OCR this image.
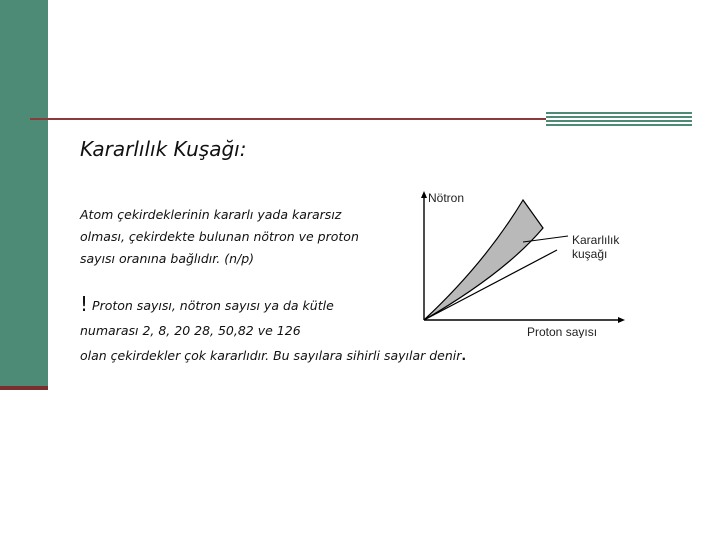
Kararlılık Kuşağı:
Atom çekirdeklerinin kararlı yada kararsız
olması, çekirdekte bulunan nötron ve proton
sayısı oranına bağlıdır. (n/p)
! Proton sayısı, nötron sayısı ya da kütle
numarası 2, 8, 20 28, 50,82 ve 126
olan çekirdekler çok kararlıdır. Bu sayılara sihirli sayılar denir.
Nötron
Kararlılık
kuşağı
Proton sayısı
